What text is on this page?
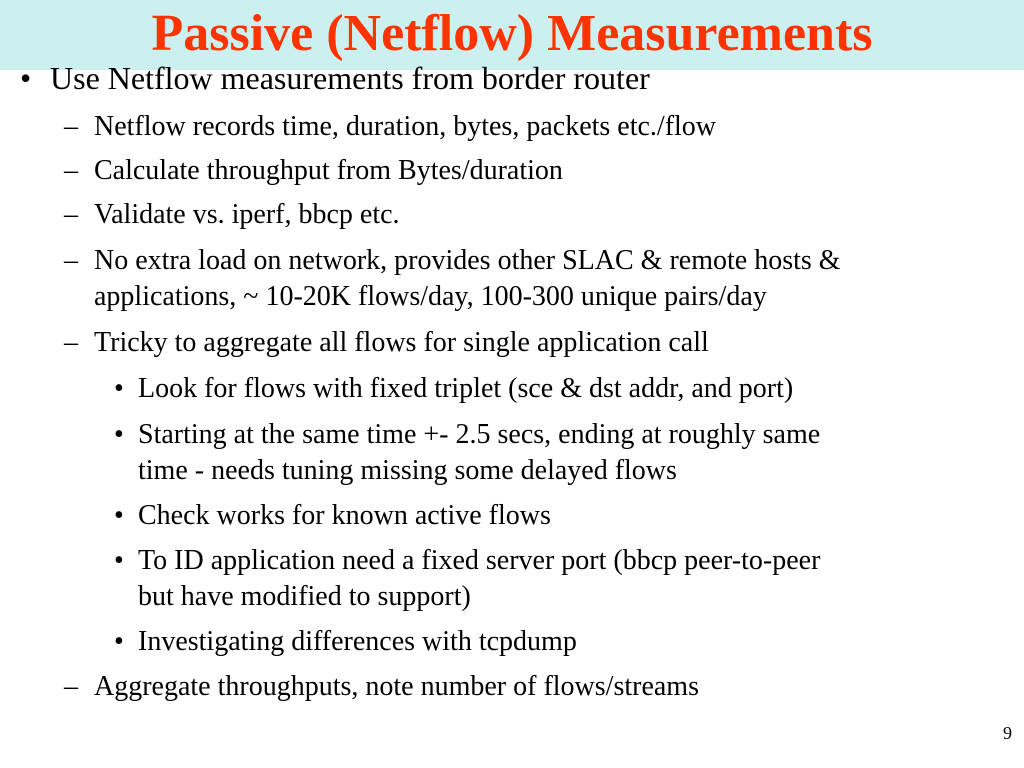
Passive (Netflow) Measurements
• Use Netflow measurements from border router
– Netflow records time, duration, bytes, packets etc./flow
– Calculate throughput from Bytes/duration
– Validate vs. iperf, bbcp etc.
– No extra load on network, provides other SLAC & remote hosts &
applications, ~ 10-20K flows/day, 100-300 unique pairs/day
– Tricky to aggregate all flows for single application call
• Look for flows with fixed triplet (sce & dst addr, and port)
• Starting at the same time +- 2.5 secs, ending at roughly same
time - needs tuning missing some delayed flows
• Check works for known active flows
• To ID application need a fixed server port (bbcp peer-to-peer
but have modified to support)
• Investigating differences with tcpdump
– Aggregate throughputs, note number of flows/streams
9
